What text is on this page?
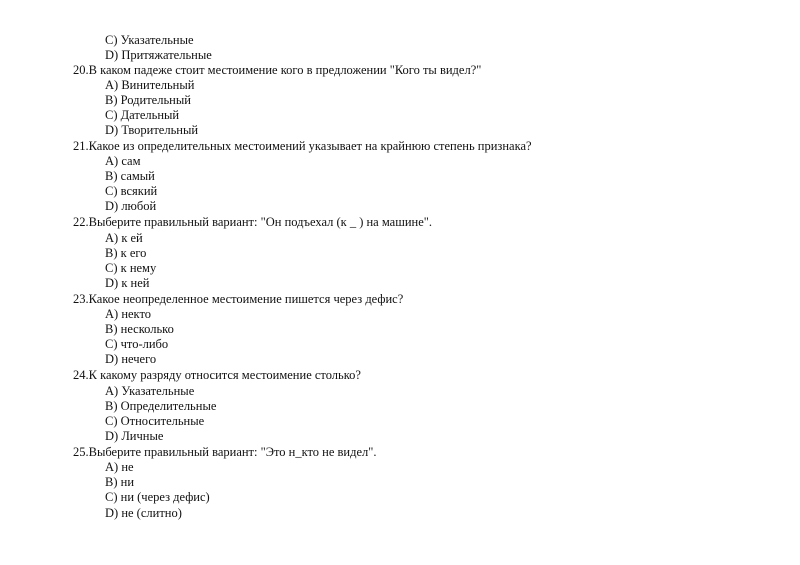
C) Указательные
D) Притяжательные
20.В каком падеже стоит местоимение кого в предложении "Кого ты видел?"
A) Винительный
B) Родительный
C) Дательный
D) Творительный
21.Какое из определительных местоимений указывает на крайнюю степень признака?
A) сам
B) самый
C) всякий
D) любой
22.Выберите правильный вариант: "Он подъехал (к _ ) на машине".
A) к ей
B) к его
C) к нему
D) к ней
23.Какое неопределенное местоимение пишется через дефис?
A) некто
B) несколько
C) что-либо
D) нечего
24.К какому разряду относится местоимение столько?
A) Указательные
B) Определительные
C) Относительные
D) Личные
25.Выберите правильный вариант: "Это н_кто не видел".
A) не
B) ни
C) ни (через дефис)
D) не (слитно)
